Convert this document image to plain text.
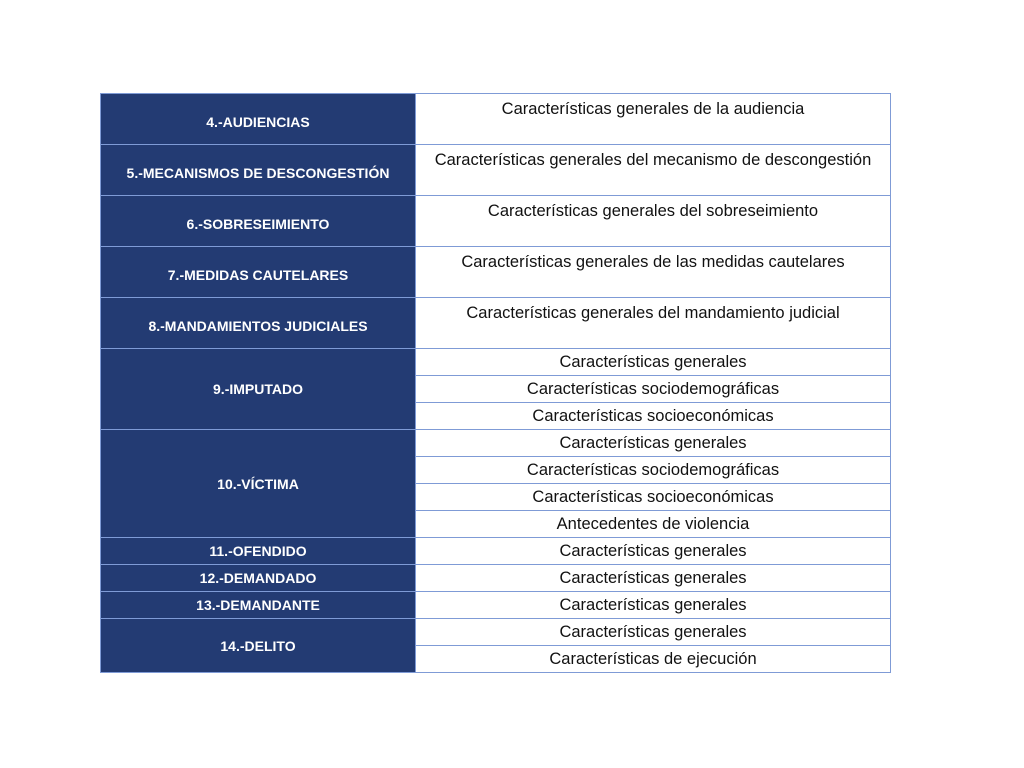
4.-AUDIENCIAS	Características generales de la audiencia
5.-MECANISMOS DE DESCONGESTIÓN	Características generales del mecanismo de descongestión
6.-SOBRESEIMIENTO	Características generales del sobreseimiento
7.-MEDIDAS CAUTELARES	Características generales de las medidas cautelares
8.-MANDAMIENTOS JUDICIALES	Características generales del mandamiento judicial
9.-IMPUTADO	Características generales
	Características sociodemográficas
	Características socioeconómicas
10.-VÍCTIMA	Características generales
	Características sociodemográficas
	Características socioeconómicas
	Antecedentes de violencia
11.-OFENDIDO	Características generales
12.-DEMANDADO	Características generales
13.-DEMANDANTE	Características generales
14.-DELITO	Características generales
	Características de ejecución
